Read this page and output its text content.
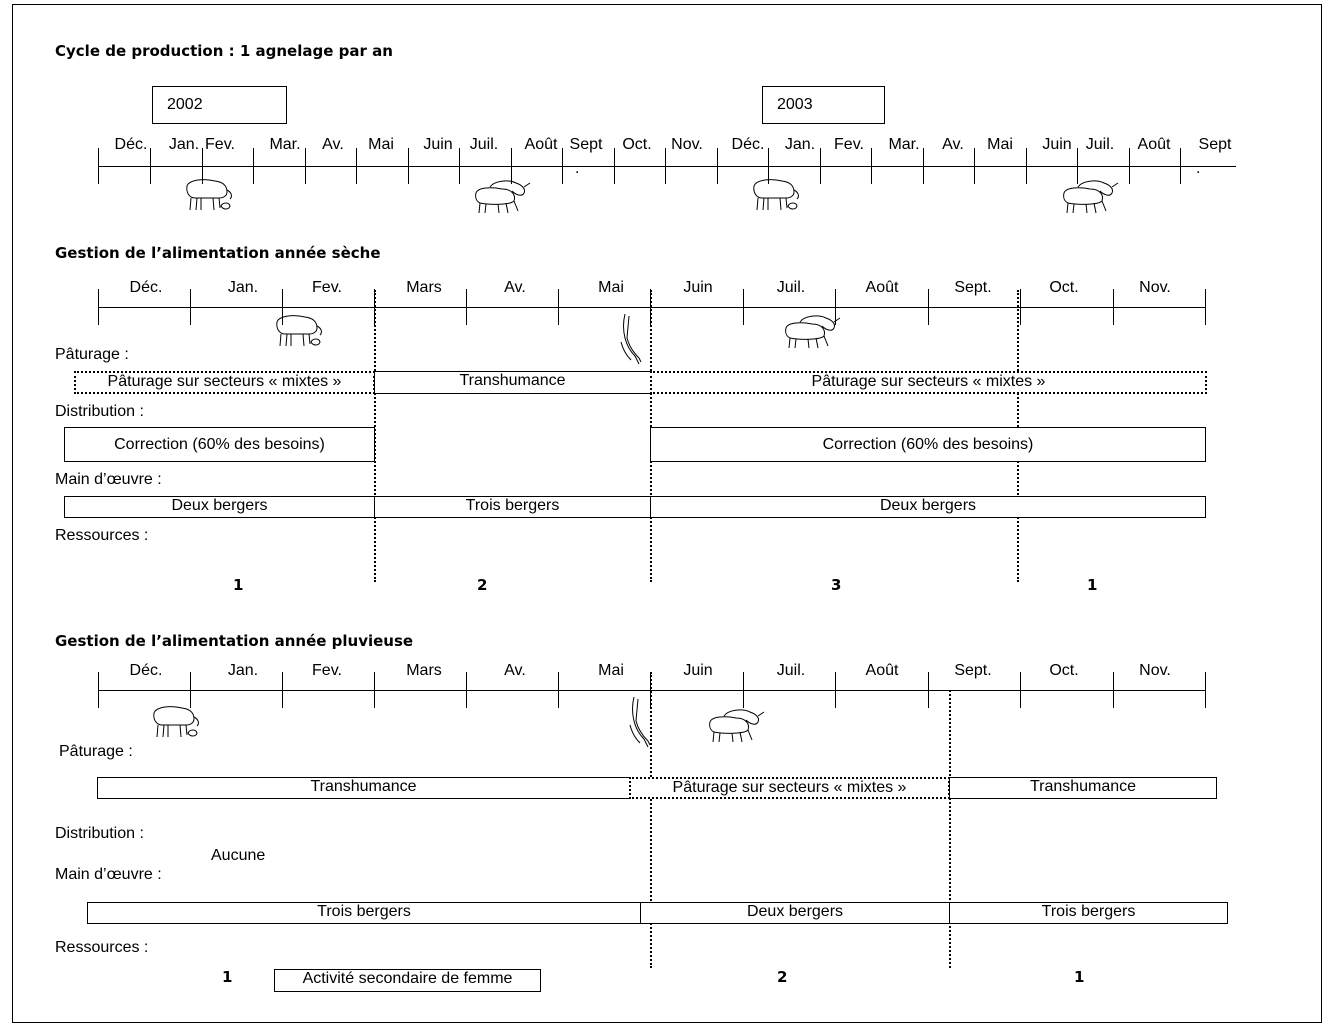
Cycle de production : 1 agnelage par an
2002	2003
Déc.	Jan. Fev.	Mar.	Av.	Mai	Juin	Juil.	Août Sept	Oct.	Nov.	Déc.	Jan.	Fev.	Mar.	Av.	Mai	Juin Juil.	Août	Sept
.	.
Gestion de l’alimentation année sèche
Déc.	Jan.	Fev.	Mars	Av.	Mai	Juin	Juil.	Août	Sept.	Oct.	Nov.
Pâturage :
Pâturage sur secteurs « mixtes »	Transhumance	Pâturage sur secteurs « mixtes »
Distribution :
Correction (60% des besoins)	Correction (60% des besoins)
Main d’œuvre :
Deux bergers	Trois bergers	Deux bergers
Ressources :
1	2	3	1
Gestion de l’alimentation année pluvieuse
Déc.	Jan.	Fev.	Mars	Av.	Mai	Juin	Juil.	Août	Sept.	Oct.	Nov.
Pâturage :
Transhumance	Pâturage sur secteurs « mixtes »	Transhumance
Distribution :
Aucune
Main d’œuvre :
Trois bergers	Deux bergers	Trois bergers
Ressources :
1	Activité secondaire de femme	2	1
